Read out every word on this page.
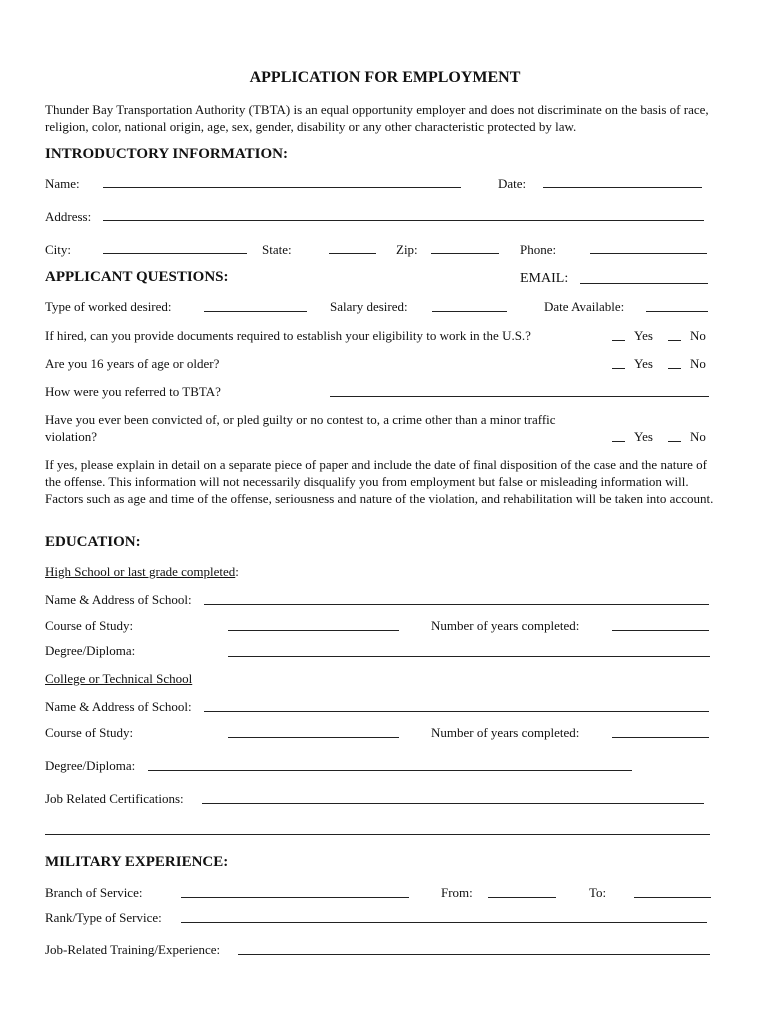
APPLICATION FOR EMPLOYMENT
Thunder Bay Transportation Authority (TBTA) is an equal opportunity employer and does not discriminate on the basis of race, religion, color, national origin, age, sex, gender, disability or any other characteristic protected by law.
INTRODUCTORY INFORMATION:
Name:	Date:
Address:
City:	State:	Zip:	Phone:
APPLICANT QUESTIONS:	EMAIL:
Type of worked desired:	Salary desired:	Date Available:
If hired, can you provide documents required to establish your eligibility to work in the U.S.?	Yes	No
Are you 16 years of age or older?	Yes	No
How were you referred to TBTA?
Have you ever been convicted of, or pled guilty or no contest to, a crime other than a minor traffic violation?	Yes	No
If yes, please explain in detail on a separate piece of paper and include the date of final disposition of the case and the nature of the offense. This information will not necessarily disqualify you from employment but false or misleading information will. Factors such as age and time of the offense, seriousness and nature of the violation, and rehabilitation will be taken into account.
EDUCATION:
High School or last grade completed:
Name & Address of School:
Course of Study:	Number of years completed:
Degree/Diploma:
College or Technical School
Name & Address of School:
Course of Study:	Number of years completed:
Degree/Diploma:
Job Related Certifications:
MILITARY EXPERIENCE:
Branch of Service:	From:	To:
Rank/Type of Service:
Job-Related Training/Experience:
